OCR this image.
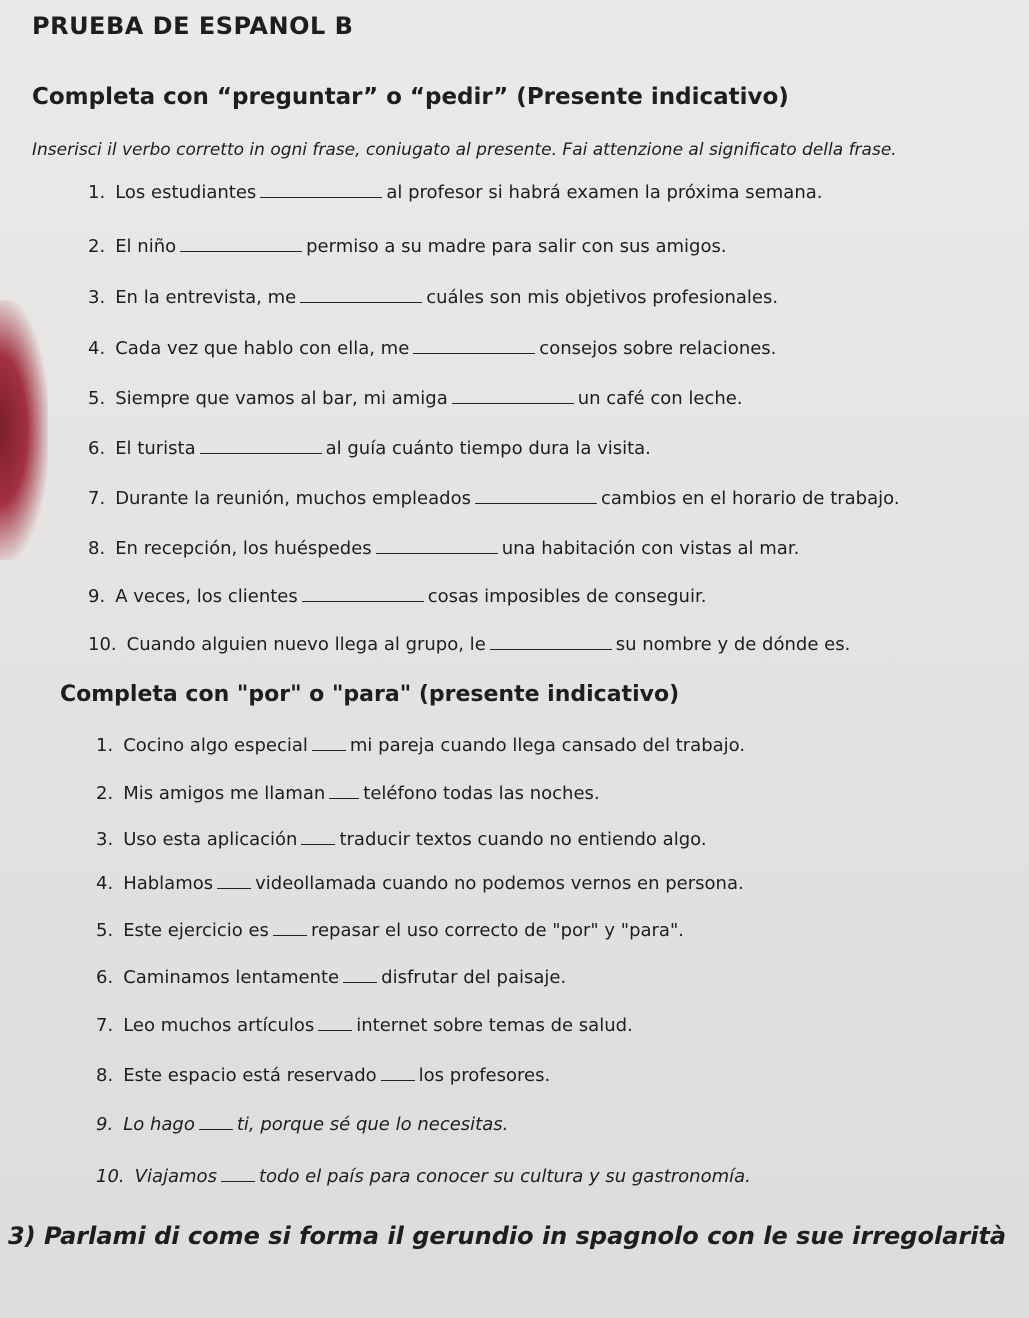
PRUEBA DE ESPANOL B
Completa con “preguntar” o “pedir” (Presente indicativo)
Inserisci il verbo corretto in ogni frase, coniugato al presente. Fai attenzione al significato della frase.
1. Los estudiantes	al profesor si habrá examen la próxima semana.
2. El niño	permiso a su madre para salir con sus amigos.
3. En la entrevista, me	cuáles son mis objetivos profesionales.
4. Cada vez que hablo con ella, me	consejos sobre relaciones.
5. Siempre que vamos al bar, mi amiga	un café con leche.
6. El turista	al guía cuánto tiempo dura la visita.
7. Durante la reunión, muchos empleados	cambios en el horario de trabajo.
8. En recepción, los huéspedes	una habitación con vistas al mar.
9. A veces, los clientes	cosas imposibles de conseguir.
10. Cuando alguien nuevo llega al grupo, le	su nombre y de dónde es.
Completa con "por" o "para" (presente indicativo)
1. Cocino algo especial mi pareja cuando llega cansado del trabajo.
2. Mis amigos me llaman teléfono todas las noches.
3. Uso esta aplicación traducir textos cuando no entiendo algo.
4. Hablamos videollamada cuando no podemos vernos en persona.
5. Este ejercicio es repasar el uso correcto de "por" y "para".
6. Caminamos lentamente disfrutar del paisaje.
7. Leo muchos artículos internet sobre temas de salud.
8. Este espacio está reservado los profesores.
9. Lo hago ti, porque sé que lo necesitas.
10. Viajamos todo el país para conocer su cultura y su gastronomía.
3) Parlami di come si forma il gerundio in spagnolo con le sue irregolarità
